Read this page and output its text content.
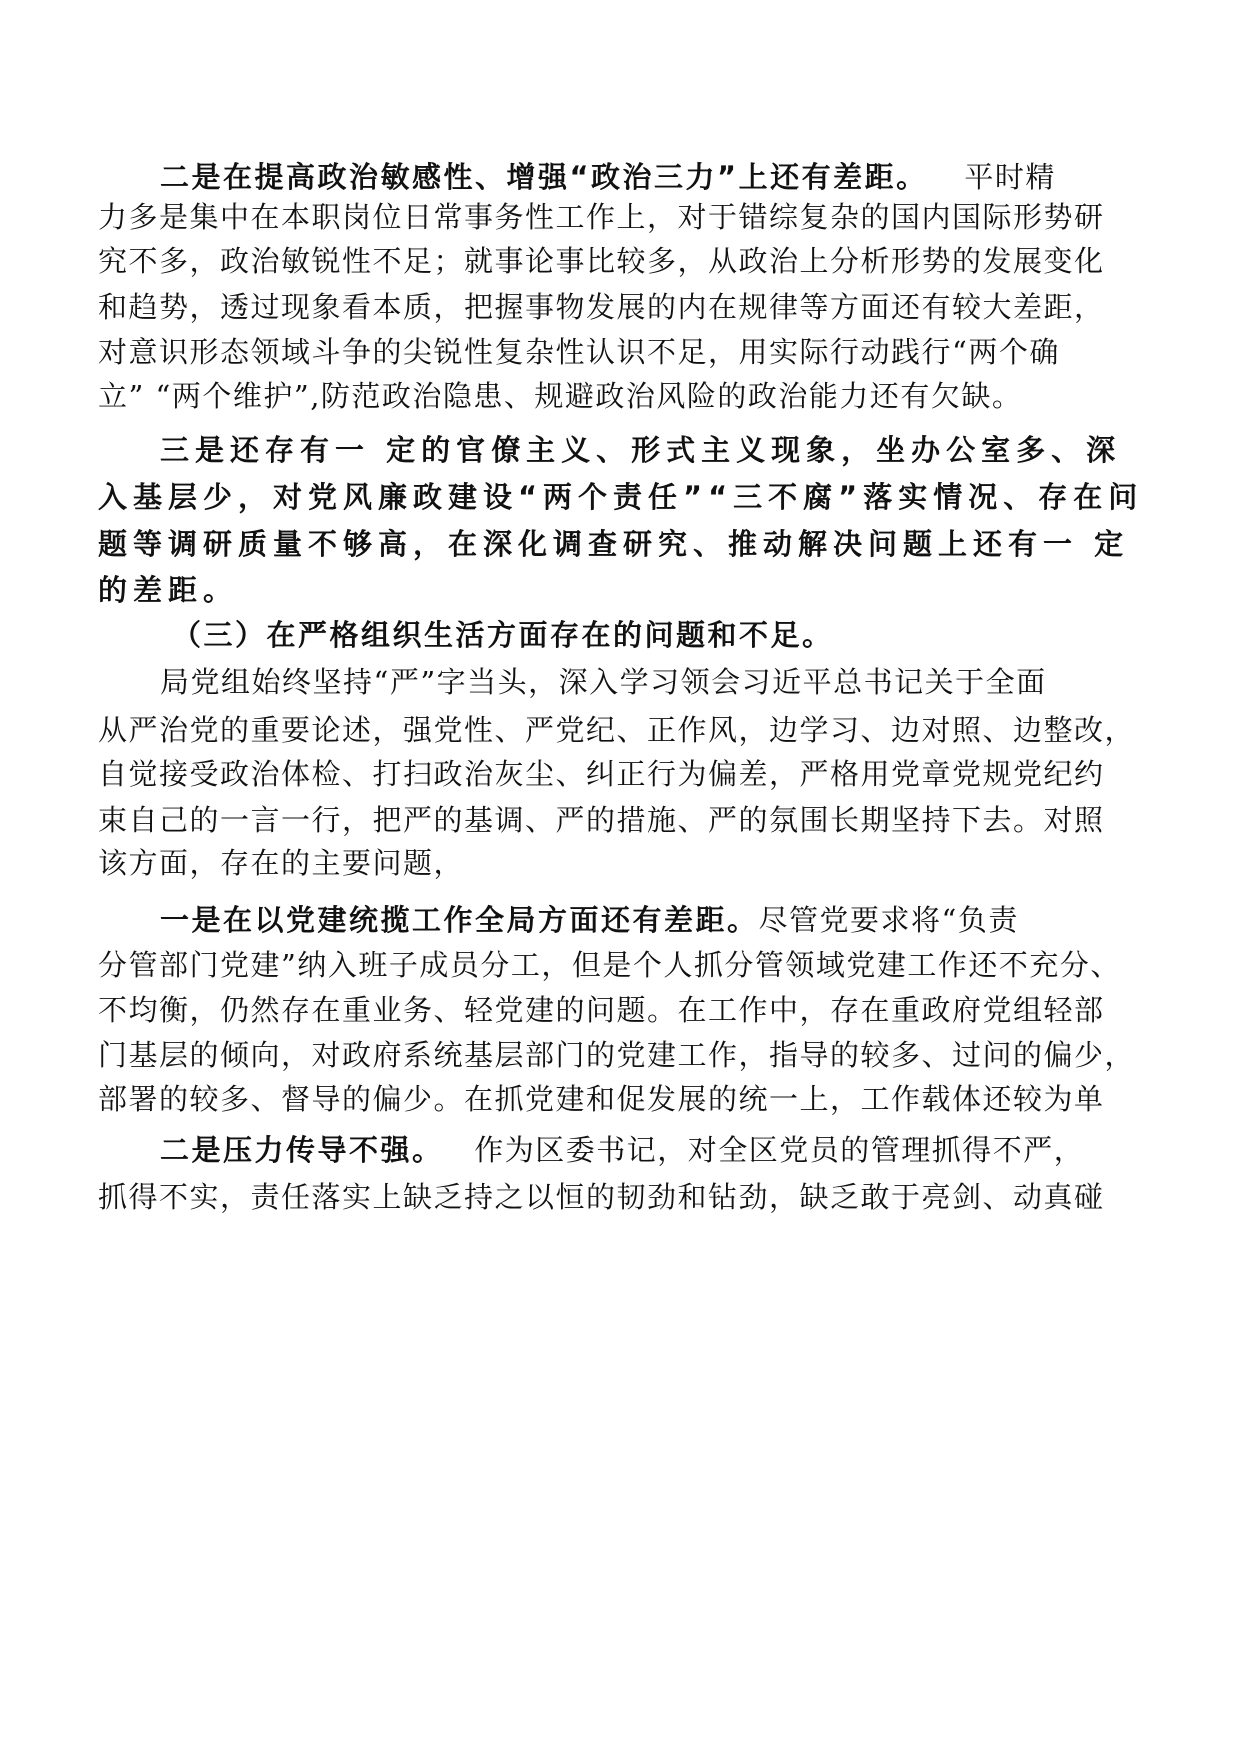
二是在提高政治敏感性、增强“政治三力”上还有差距。 平时精
力多是集中在本职岗位日常事务性工作上，对于错综复杂的国内国际形势研
究不多，政治敏锐性不足；就事论事比较多，从政治上分析形势的发展变化
和趋势，透过现象看本质，把握事物发展的内在规律等方面还有较大差距，
对意识形态领域斗争的尖锐性复杂性认识不足，用实际行动践行“两个确
立” “两个维护”,防范政治隐患、规避政治风险的政治能力还有欠缺。
三是还存有一 定的官僚主义、形式主义现象，坐办公室多、深
入基层少，对党风廉政建设“两个责任”“三不腐”落实情况、存在问
题等调研质量不够高，在深化调查研究、推动解决问题上还有一 定
的差距。
（三）在严格组织生活方面存在的问题和不足。
局党组始终坚持“严”字当头，深入学习领会习近平总书记关于全面
从严治党的重要论述，强党性、严党纪、正作风，边学习、边对照、边整改，
自觉接受政治体检、打扫政治灰尘、纠正行为偏差，严格用党章党规党纪约
束自己的一言一行，把严的基调、严的措施、严的氛围长期坚持下去。对照
该方面，存在的主要问题，
一是在以党建统揽工作全局方面还有差距。尽管党要求将“负责
分管部门党建”纳入班子成员分工，但是个人抓分管领域党建工作还不充分、
不均衡，仍然存在重业务、轻党建的问题。在工作中，存在重政府党组轻部
门基层的倾向，对政府系统基层部门的党建工作，指导的较多、过问的偏少，
部署的较多、督导的偏少。在抓党建和促发展的统一上，工作载体还较为单
二是压力传导不强。 作为区委书记，对全区党员的管理抓得不严，
抓得不实，责任落实上缺乏持之以恒的韧劲和钻劲，缺乏敢于亮剑、动真碰
